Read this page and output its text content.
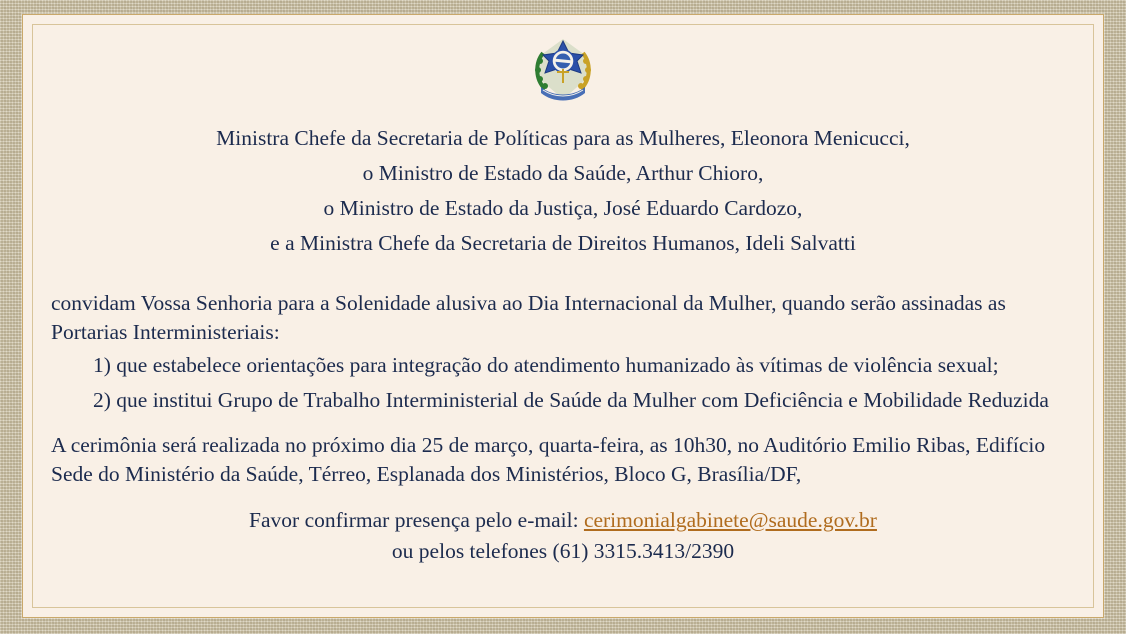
Ministra Chefe da Secretaria de Políticas para as Mulheres, Eleonora Menicucci,
o Ministro de Estado da Saúde, Arthur Chioro,
o Ministro de Estado da Justiça, José Eduardo Cardozo,
e a Ministra Chefe da Secretaria de Direitos Humanos, Ideli Salvatti

convidam Vossa Senhoria para a Solenidade alusiva ao Dia Internacional da Mulher, quando serão assinadas as Portarias Interministeriais:

1) que estabelece orientações para integração do atendimento humanizado às vítimas de violência sexual;

2) que institui Grupo de Trabalho Interministerial de Saúde da Mulher com Deficiência e Mobilidade Reduzida

A cerimônia será realizada no próximo dia 25 de março, quarta-feira, as 10h30, no Auditório Emilio Ribas, Edifício Sede do Ministério da Saúde, Térreo, Esplanada dos Ministérios, Bloco G, Brasília/DF,

Favor confirmar presença pelo e-mail: cerimonialgabinete@saude.gov.br
ou pelos telefones (61) 3315.3413/2390
